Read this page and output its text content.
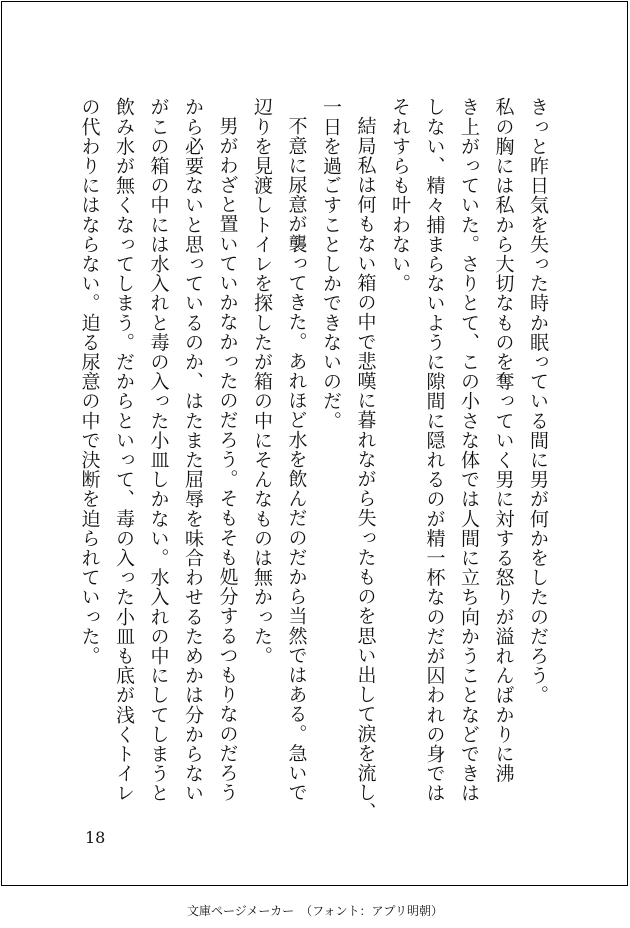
きっと昨日気を失った時か眠っている間に男が何かをしたのだろう。
私の胸には私から大切なものを奪っていく男に対する怒りが溢れんばかりに沸
き上がっていた。さりとて、この小さな体では人間に立ち向かうことなどできは
しない、精々捕まらないように隙間に隠れるのが精一杯なのだが囚われの身では
それすらも叶わない。

結局私は何もない箱の中で悲嘆に暮れながら失ったものを思い出して涙を流し、
一日を過ごすことしかできないのだ。

不意に尿意が襲ってきた。あれほど水を飲んだのだから当然ではある。急いで
辺りを見渡しトイレを探したが箱の中にそんなものは無かった。

男がわざと置いていかなかったのだろう。そもそも処分するつもりなのだろう
から必要ないと思っているのか、はたまた屈辱を味合わせるためかは分からない
がこの箱の中には水入れと毒の入った小皿しかない。水入れの中にしてしまうと
飲み水が無くなってしまう。だからといって、毒の入った小皿も底が浅くトイレ
の代わりにはならない。迫る尿意の中で決断を迫られていった。

18
文庫ページメーカー　（フォント：アプリ明朝）
